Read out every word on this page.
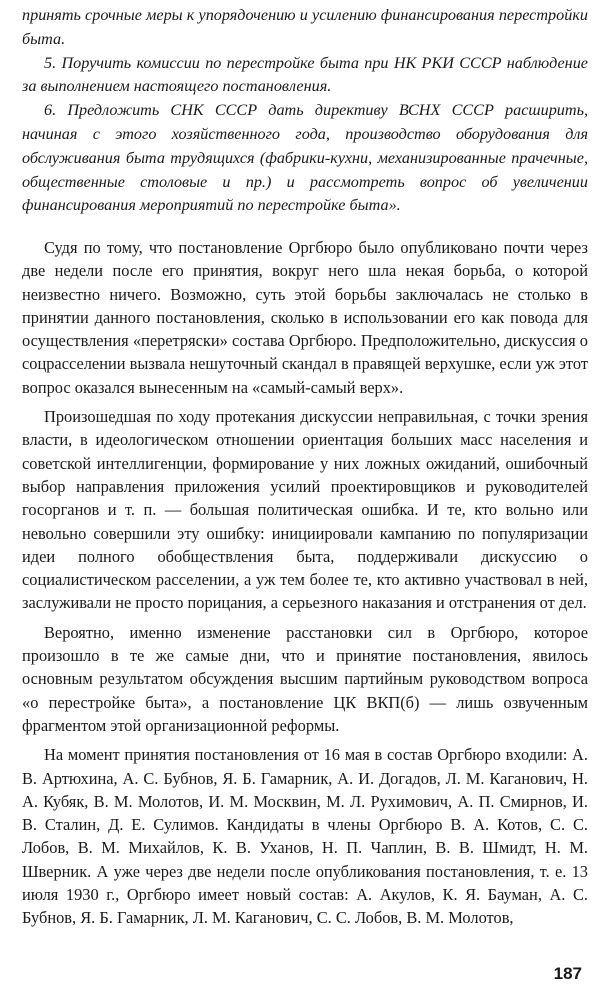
принять срочные меры к упорядочению и усилению финансирования перестройки быта.

5. Поручить комиссии по перестройке быта при НК РКИ СССР наблюдение за выполнением настоящего постановления.

6. Предложить СНК СССР дать директиву ВСНХ СССР расширить, начиная с этого хозяйственного года, производство оборудования для обслуживания быта трудящихся (фабрики-кухни, механизированные прачечные, общественные столовые и пр.) и рассмотреть вопрос об увеличении финансирования мероприятий по перестройке быта».

Судя по тому, что постановление Оргбюро было опубликовано почти через две недели после его принятия, вокруг него шла некая борьба, о которой неизвестно ничего. Возможно, суть этой борьбы заключалась не столько в принятии данного постановления, сколько в использовании его как повода для осуществления «перетряски» состава Оргбюро. Предположительно, дискуссия о соцрасселении вызвала нешуточный скандал в правящей верхушке, если уж этот вопрос оказался вынесенным на «самый-самый верх».

Произошедшая по ходу протекания дискуссии неправильная, с точки зрения власти, в идеологическом отношении ориентация больших масс населения и советской интеллигенции, формирование у них ложных ожиданий, ошибочный выбор направления приложения усилий проектировщиков и руководителей госорганов и т. п. — большая политическая ошибка. И те, кто вольно или невольно совершили эту ошибку: инициировали кампанию по популяризации идеи полного обобществления быта, поддерживали дискуссию о социалистическом расселении, а уж тем более те, кто активно участвовал в ней, заслуживали не просто порицания, а серьезного наказания и отстранения от дел.

Вероятно, именно изменение расстановки сил в Оргбюро, которое произошло в те же самые дни, что и принятие постановления, явилось основным результатом обсуждения высшим партийным руководством вопроса «о перестройке быта», а постановление ЦК ВКП(б) — лишь озвученным фрагментом этой организационной реформы.

На момент принятия постановления от 16 мая в состав Оргбюро входили: А. В. Артюхина, А. С. Бубнов, Я. Б. Гамарник, А. И. Догадов, Л. М. Каганович, Н. А. Кубяк, В. М. Молотов, И. М. Москвин, М. Л. Рухимович, А. П. Смирнов, И. В. Сталин, Д. Е. Сулимов. Кандидаты в члены Оргбюро В. А. Котов, С. С. Лобов, В. М. Михайлов, К. В. Уханов, Н. П. Чаплин, В. В. Шмидт, Н. М. Шверник. А уже через две недели после опубликования постановления, т. е. 13 июля 1930 г., Оргбюро имеет новый состав: А. Акулов, К. Я. Бауман, А. С. Бубнов, Я. Б. Гамарник, Л. М. Каганович, С. С. Лобов, В. М. Молотов,

187
